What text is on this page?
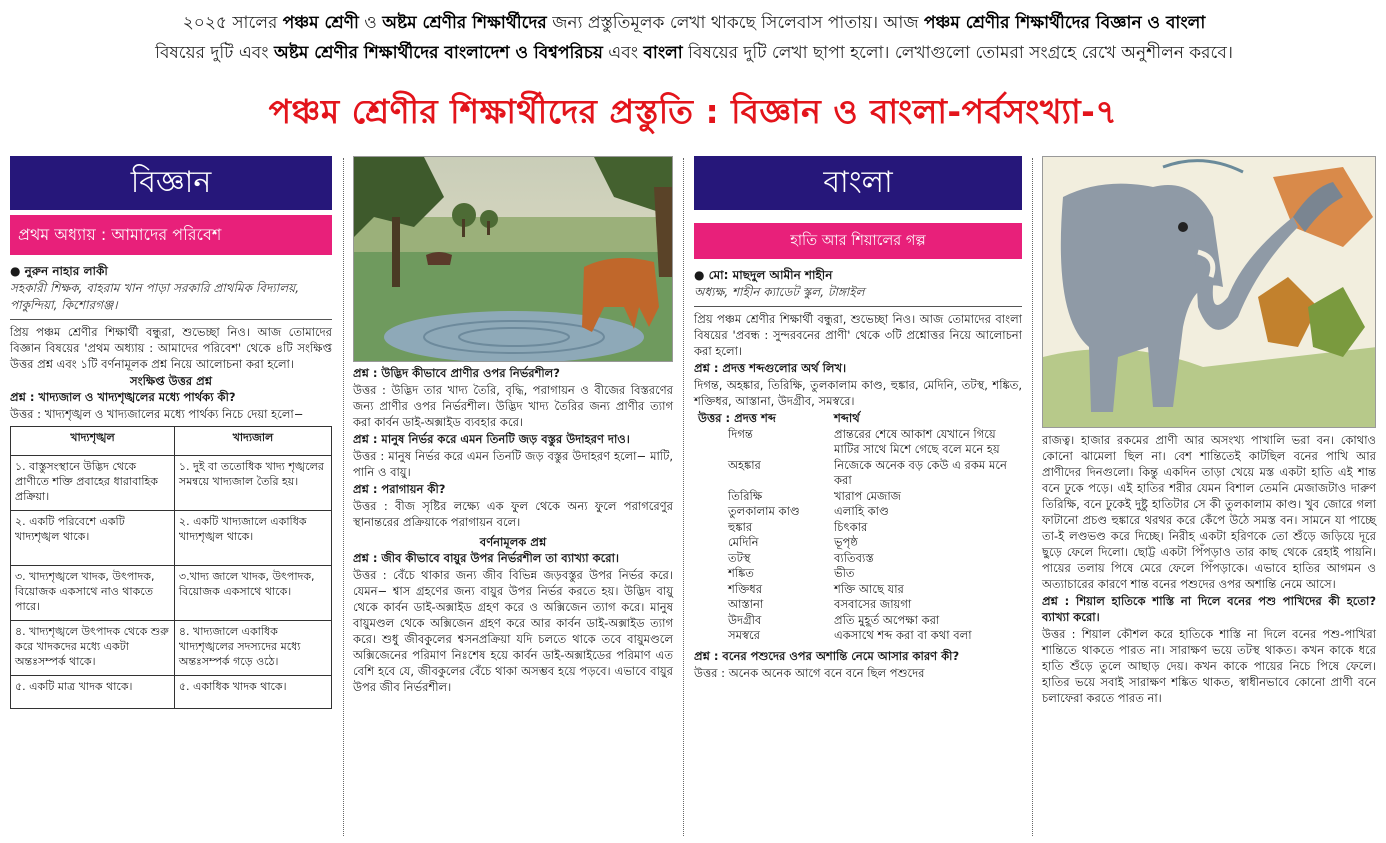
২০২৫ সালের পঞ্চম শ্রেণী ও অষ্টম শ্রেণীর শিক্ষার্থীদের জন্য প্রস্তুতিমূলক লেখা থাকছে সিলেবাস পাতায়। আজ পঞ্চম শ্রেণীর শিক্ষার্থীদের বিজ্ঞান ও বাংলা
বিষয়ের দুটি এবং অষ্টম শ্রেণীর শিক্ষার্থীদের বাংলাদেশ ও বিশ্বপরিচয় এবং বাংলা বিষয়ের দুটি লেখা ছাপা হলো। লেখাগুলো তোমরা সংগ্রহে রেখে অনুশীলন করবে।
পঞ্চম শ্রেণীর শিক্ষার্থীদের প্রস্তুতি : বিজ্ঞান ও বাংলা-পর্বসংখ্যা-৭
বিজ্ঞান
প্রথম অধ্যায় : আমাদের পরিবেশ
● নুরুন নাহার লাকী
সহকারী শিক্ষক, বাহরাম খান পাড়া সরকারি প্রাথমিক বিদ্যালয়, পাকুন্দিয়া, কিশোরগঞ্জ।

প্রিয় পঞ্চম শ্রেণীর শিক্ষার্থী বন্ধুরা, শুভেচ্ছা নিও। আজ তোমাদের বিজ্ঞান বিষয়ের 'প্রথম অধ্যায় : আমাদের পরিবেশ' থেকে ৪টি সংক্ষিপ্ত উত্তর প্রশ্ন এবং ১টি বর্ণনামূলক প্রশ্ন নিয়ে আলোচনা করা হলো।

সংক্ষিপ্ত উত্তর প্রশ্ন

প্রশ্ন : খাদ্যজাল ও খাদ্যশৃঙ্খলের মধ্যে পার্থক্য কী?

উত্তর : খাদ্যশৃঙ্খল ও খাদ্যজালের মধ্যে পার্থক্য নিচে দেয়া হলো−

খাদ্যশৃঙ্খল	খাদ্যজাল
১. বাস্তুসংস্থানে উদ্ভিদ থেকে প্রাণীতে শক্তি প্রবাহের ধারাবাহিক প্রক্রিয়া।	১. দুই বা ততোধিক খাদ্য শৃঙ্খলের সমন্বয়ে খাদ্যজাল তৈরি হয়।
২. একটি পরিবেশে একটি খাদ্যশৃঙ্খল থাকে।	২. একটি খাদ্যজালে একাধিক খাদ্যশৃঙ্খল থাকে।
৩. খাদ্যশৃঙ্খলে খাদক, উৎপাদক, বিয়োজক একসাথে নাও থাকতে পারে।	৩.খাদ্য জালে খাদক, উৎপাদক, বিয়োজক একসাথে থাকে।
৪. খাদ্যশৃঙ্খলে উৎপাদক থেকে শুরু করে খাদকদের মধ্যে একটা অন্তঃসম্পর্ক থাকে।	৪. খাদ্যজালে একাধিক খাদ্যশৃঙ্খলের সদস্যদের মধ্যে অন্তঃসম্পর্ক গড়ে ওঠে।
৫. একটি মাত্র খাদক থাকে।	৫. একাধিক খাদক থাকে।

প্রশ্ন : উদ্ভিদ কীভাবে প্রাণীর ওপর নির্ভরশীল?

উত্তর : উদ্ভিদ তার খাদ্য তৈরি, বৃদ্ধি, পরাগায়ন ও বীজের বিস্তরণের জন্য প্রাণীর ওপর নির্ভরশীল। উদ্ভিদ খাদ্য তৈরির জন্য প্রাণীর ত্যাগ করা কার্বন ডাই-অক্সাইড ব্যবহার করে।

প্রশ্ন : মানুষ নির্ভর করে এমন তিনটি জড় বস্তুর উদাহরণ দাও।

উত্তর : মানুষ নির্ভর করে এমন তিনটি জড় বস্তুর উদাহরণ হলো− মাটি, পানি ও বায়ু।

প্রশ্ন : পরাগায়ন কী?

উত্তর : বীজ সৃষ্টির লক্ষ্যে এক ফুল থেকে অন্য ফুলে পরাগরেণুর স্থানান্তরের প্রক্রিয়াকে পরাগায়ন বলে।

বর্ণনামূলক প্রশ্ন

প্রশ্ন : জীব কীভাবে বায়ুর উপর নির্ভরশীল তা ব্যাখ্যা করো।

উত্তর : বেঁচে থাকার জন্য জীব বিভিন্ন জড়বস্তুর উপর নির্ভর করে। যেমন− শ্বাস গ্রহণের জন্য বায়ুর উপর নির্ভর করতে হয়। উদ্ভিদ বায়ু থেকে কার্বন ডাই-অক্সাইড গ্রহণ করে ও অক্সিজেন ত্যাগ করে। মানুষ বায়ুমণ্ডল থেকে অক্সিজেন গ্রহণ করে আর কার্বন ডাই-অক্সাইড ত্যাগ করে। শুধু জীবকুলের শ্বসনপ্রক্রিয়া যদি চলতে থাকে তবে বায়ুমণ্ডলে অক্সিজেনের পরিমাণ নিঃশেষ হয়ে কার্বন ডাই-অক্সাইডের পরিমাণ এত বেশি হবে যে, জীবকুলের বেঁচে থাকা অসম্ভব হয়ে পড়বে। এভাবে বায়ুর উপর জীব নির্ভরশীল।

বাংলা
হাতি আর শিয়ালের গল্প
● মো: মাছদুল আমীন শাহীন
অধ্যক্ষ, শাহীন ক্যাডেট স্কুল, টাঙ্গাইল

প্রিয় পঞ্চম শ্রেণীর শিক্ষার্থী বন্ধুরা, শুভেচ্ছা নিও। আজ তোমাদের বাংলা বিষয়ের 'প্রবন্ধ : সুন্দরবনের প্রাণী' থেকে ৩টি প্রশ্নোত্তর নিয়ে আলোচনা করা হলো।

প্রশ্ন : প্রদত্ত শব্দগুলোর অর্থ লিখ।

দিগন্ত, অহঙ্কার, তিরিক্ষি, তুলকালাম কাণ্ড, হুঙ্কার, মেদিনি, তটস্থ, শঙ্কিত, শক্তিধর, আস্তানা, উদগ্রীব, সমস্বরে।

উত্তর : প্রদত্ত শব্দ	শব্দার্থ
দিগন্ত	প্রান্তরের শেষে আকাশ যেখানে গিয়ে মাটির সাথে মিশে গেছে বলে মনে হয়
অহঙ্কার	নিজেকে অনেক বড় কেউ এ রকম মনে করা
তিরিক্ষি	খারাপ মেজাজ
তুলকালাম কাণ্ড	এলাহি কাণ্ড
হুঙ্কার	চিৎকার
মেদিনি	ভূপৃষ্ঠ
তটস্থ	ব্যতিব্যস্ত
শঙ্কিত	ভীত
শক্তিধর	শক্তি আছে যার
আস্তানা	বসবাসের জায়গা
উদগ্রীব	প্রতি মুহূর্ত অপেক্ষা করা
সমস্বরে	একসাথে শব্দ করা বা কথা বলা

প্রশ্ন : বনের পশুদের ওপর অশান্তি নেমে আসার কারণ কী?

উত্তর : অনেক অনেক আগে বনে বনে ছিল পশুদের

রাজত্ব। হাজার রকমের প্রাণী আর অসংখ্য পাখালি ভরা বন। কোথাও কোনো ঝামেলা ছিল না। বেশ শান্তিতেই কাটছিল বনের পাখি আর প্রাণীদের দিনগুলো। কিন্তু একদিন তাড়া খেয়ে মস্ত একটা হাতি এই শান্ত বনে ঢুকে পড়ে। এই হাতির শরীর যেমন বিশাল তেমনি মেজাজটাও দারুণ তিরিক্ষি, বনে ঢুকেই দুষ্টু হাতিটার সে কী তুলকালাম কাণ্ড। খুব জোরে গলা ফাটানো প্রচণ্ড হুঙ্কারে থরথর করে কেঁপে উঠে সমস্ত বন। সামনে যা পাচ্ছে তা-ই লণ্ডভণ্ড করে দিচ্ছে। নিরীহ একটা হরিণকে তো শুঁড়ে জড়িয়ে দূরে ছুড়ে ফেলে দিলো। ছোট্ট একটা পিঁপড়াও তার কাছ থেকে রেহাই পায়নি। পায়ের তলায় পিষে মেরে ফেলে পিঁপড়াকে। এভাবে হাতির আগমন ও অত্যাচারের কারণে শান্ত বনের পশুদের ওপর অশান্তি নেমে আসে।

প্রশ্ন : শিয়াল হাতিকে শাস্তি না দিলে বনের পশু পাখিদের কী হতো? ব্যাখ্যা করো।

উত্তর : শিয়াল কৌশল করে হাতিকে শাস্তি না দিলে বনের পশু-পাখিরা শান্তিতে থাকতে পারত না। সারাক্ষণ ভয়ে তটস্থ থাকত। কখন কাকে ধরে হাতি শুঁড়ে তুলে আছাড় দেয়। কখন কাকে পায়ের নিচে পিষে ফেলে। হাতির ভয়ে সবাই সারাক্ষণ শঙ্কিত থাকত, স্বাধীনভাবে কোনো প্রাণী বনে চলাফেরা করতে পারত না।
